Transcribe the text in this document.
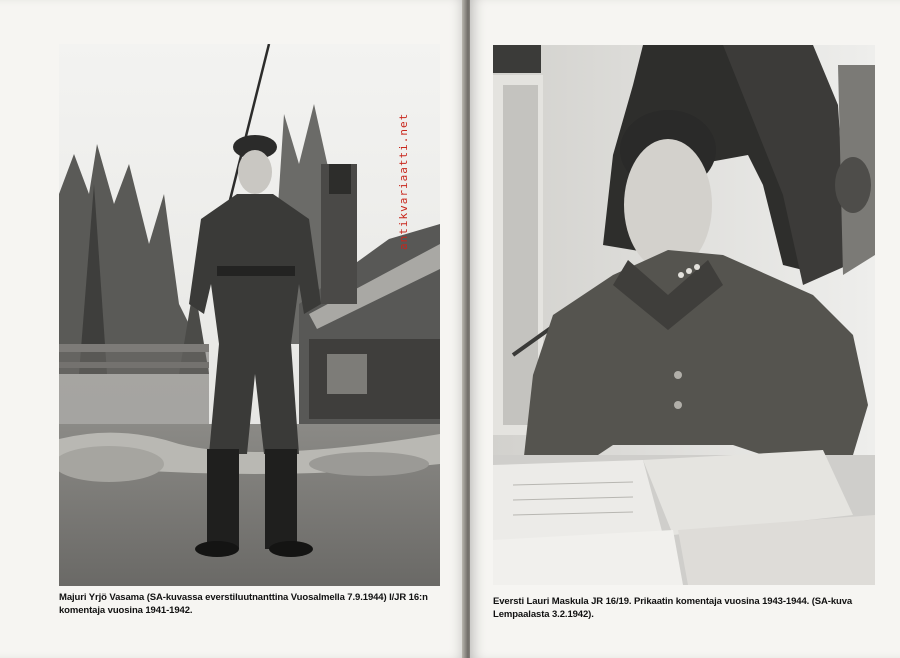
Majuri Yrjö Vasama (SA-kuvassa everstiluutnanttina Vuosalmella 7.9.1944) I/JR 16:n komentaja vuosina 1941-1942.
antikvariaatti.net
Eversti Lauri Maskula JR 16/19. Prikaatin komentaja vuosina 1943-1944. (SA-kuva Lempaalasta 3.2.1942).
